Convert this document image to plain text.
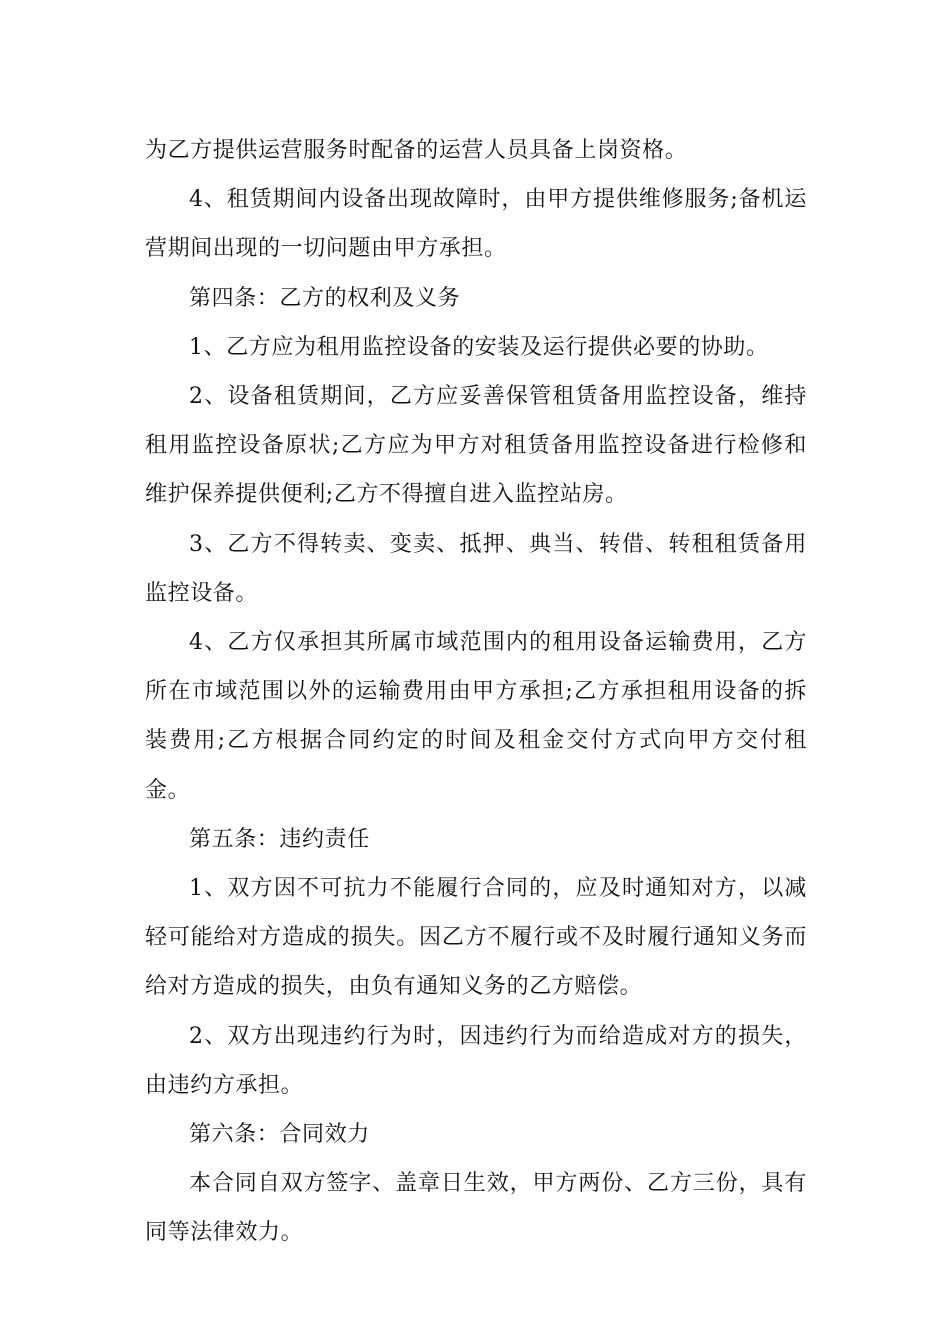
为乙方提供运营服务时配备的运营人员具备上岗资格。

4、租赁期间内设备出现故障时，由甲方提供维修服务;备机运营期间出现的一切问题由甲方承担。

第四条：乙方的权利及义务

1、乙方应为租用监控设备的安装及运行提供必要的协助。

2、设备租赁期间，乙方应妥善保管租赁备用监控设备，维持租用监控设备原状;乙方应为甲方对租赁备用监控设备进行检修和维护保养提供便利;乙方不得擅自进入监控站房。

3、乙方不得转卖、变卖、抵押、典当、转借、转租租赁备用监控设备。

4、乙方仅承担其所属市域范围内的租用设备运输费用，乙方所在市域范围以外的运输费用由甲方承担;乙方承担租用设备的拆装费用;乙方根据合同约定的时间及租金交付方式向甲方交付租金。

第五条：违约责任

1、双方因不可抗力不能履行合同的，应及时通知对方，以减轻可能给对方造成的损失。因乙方不履行或不及时履行通知义务而给对方造成的损失，由负有通知义务的乙方赔偿。

2、双方出现违约行为时，因违约行为而给造成对方的损失，由违约方承担。

第六条：合同效力

本合同自双方签字、盖章日生效，甲方两份、乙方三份，具有同等法律效力。
